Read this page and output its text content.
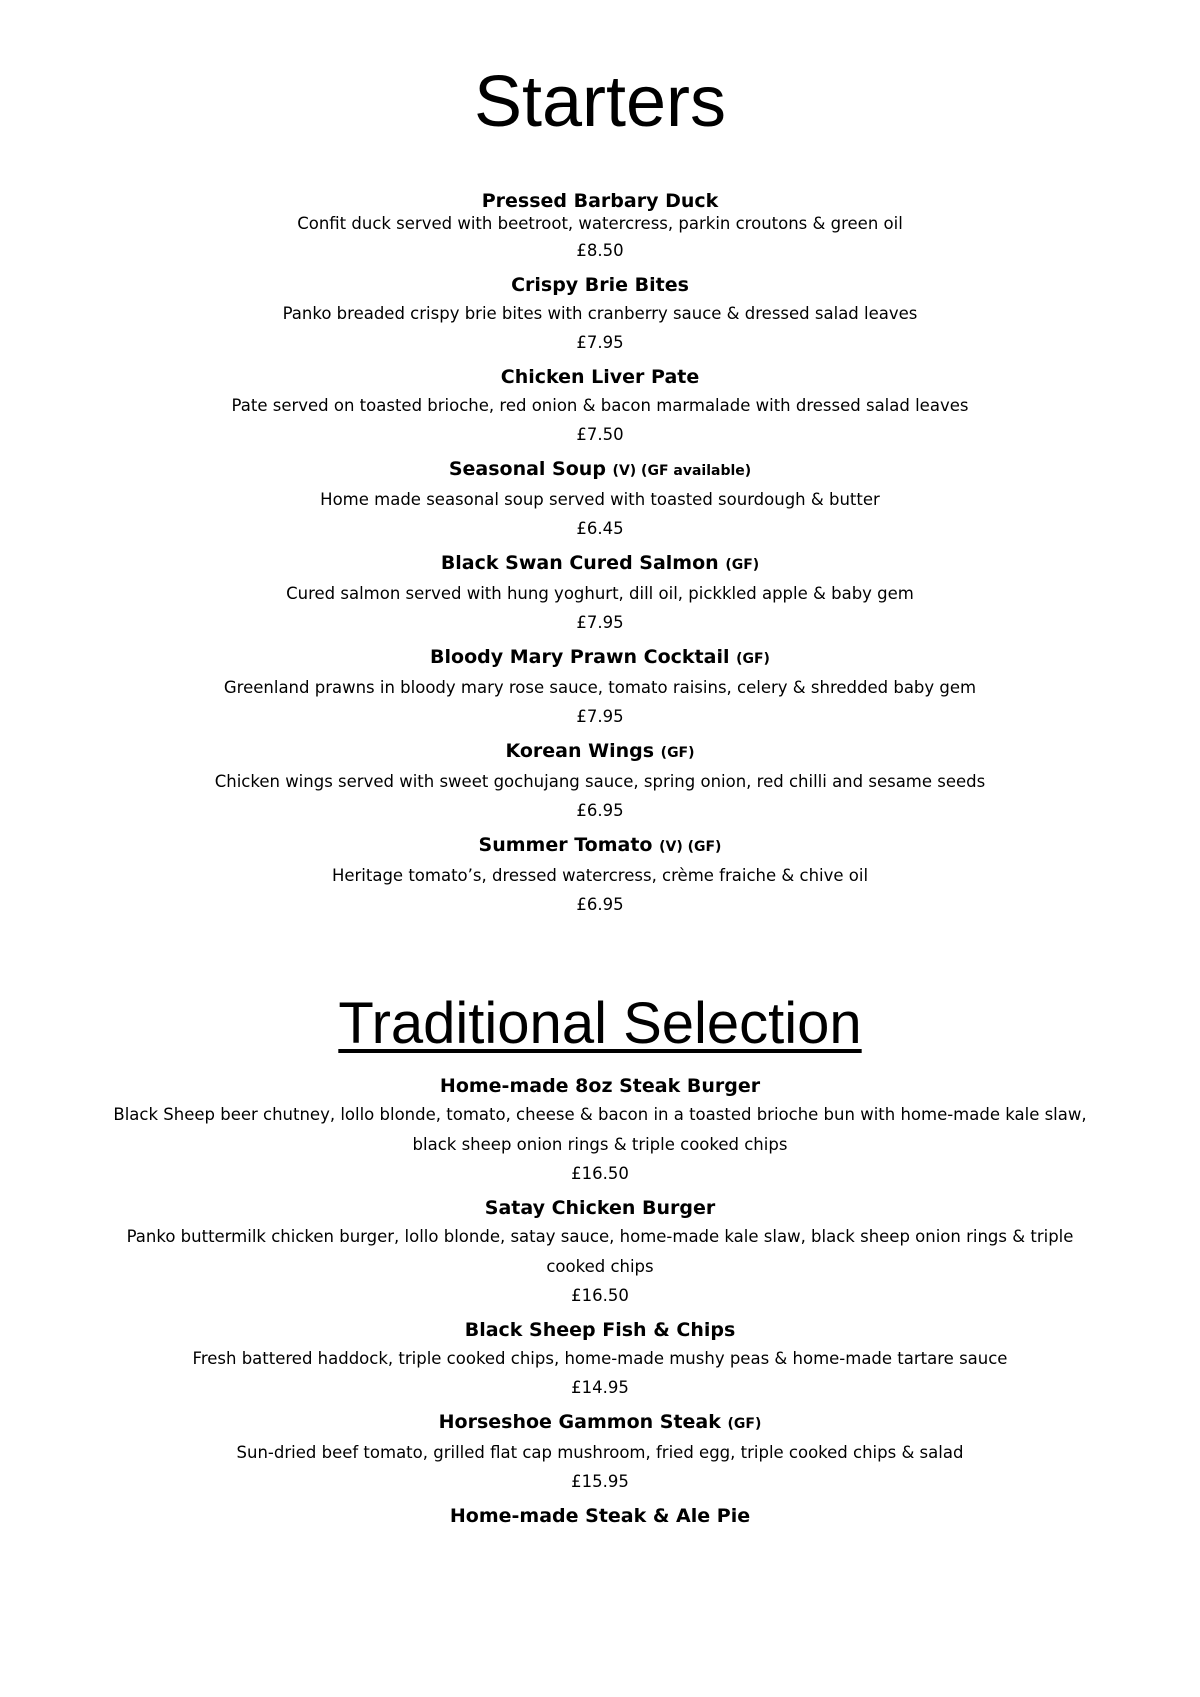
Starters
Pressed Barbary Duck
Confit duck served with beetroot, watercress, parkin croutons & green oil
£8.50
Crispy Brie Bites
Panko breaded crispy brie bites with cranberry sauce & dressed salad leaves
£7.95
Chicken Liver Pate
Pate served on toasted brioche, red onion & bacon marmalade with dressed salad leaves
£7.50
Seasonal Soup (V) (GF available)
Home made seasonal soup served with toasted sourdough & butter
£6.45
Black Swan Cured Salmon (GF)
Cured salmon served with hung yoghurt, dill oil, pickkled apple & baby gem
£7.95
Bloody Mary Prawn Cocktail (GF)
Greenland prawns in bloody mary rose sauce, tomato raisins, celery & shredded baby gem
£7.95
Korean Wings (GF)
Chicken wings served with sweet gochujang sauce, spring onion, red chilli and sesame seeds
£6.95
Summer Tomato (V) (GF)
Heritage tomato’s, dressed watercress, crème fraiche & chive oil
£6.95
Traditional Selection
Home-made 8oz Steak Burger
Black Sheep beer chutney, lollo blonde, tomato, cheese & bacon in a toasted brioche bun with home-made kale slaw, black sheep onion rings & triple cooked chips
£16.50
Satay Chicken Burger
Panko buttermilk chicken burger, lollo blonde, satay sauce, home-made kale slaw, black sheep onion rings & triple cooked chips
£16.50
Black Sheep Fish & Chips
Fresh battered haddock, triple cooked chips, home-made mushy peas & home-made tartare sauce
£14.95
Horseshoe Gammon Steak (GF)
Sun-dried beef tomato, grilled flat cap mushroom, fried egg, triple cooked chips & salad
£15.95
Home-made Steak & Ale Pie
